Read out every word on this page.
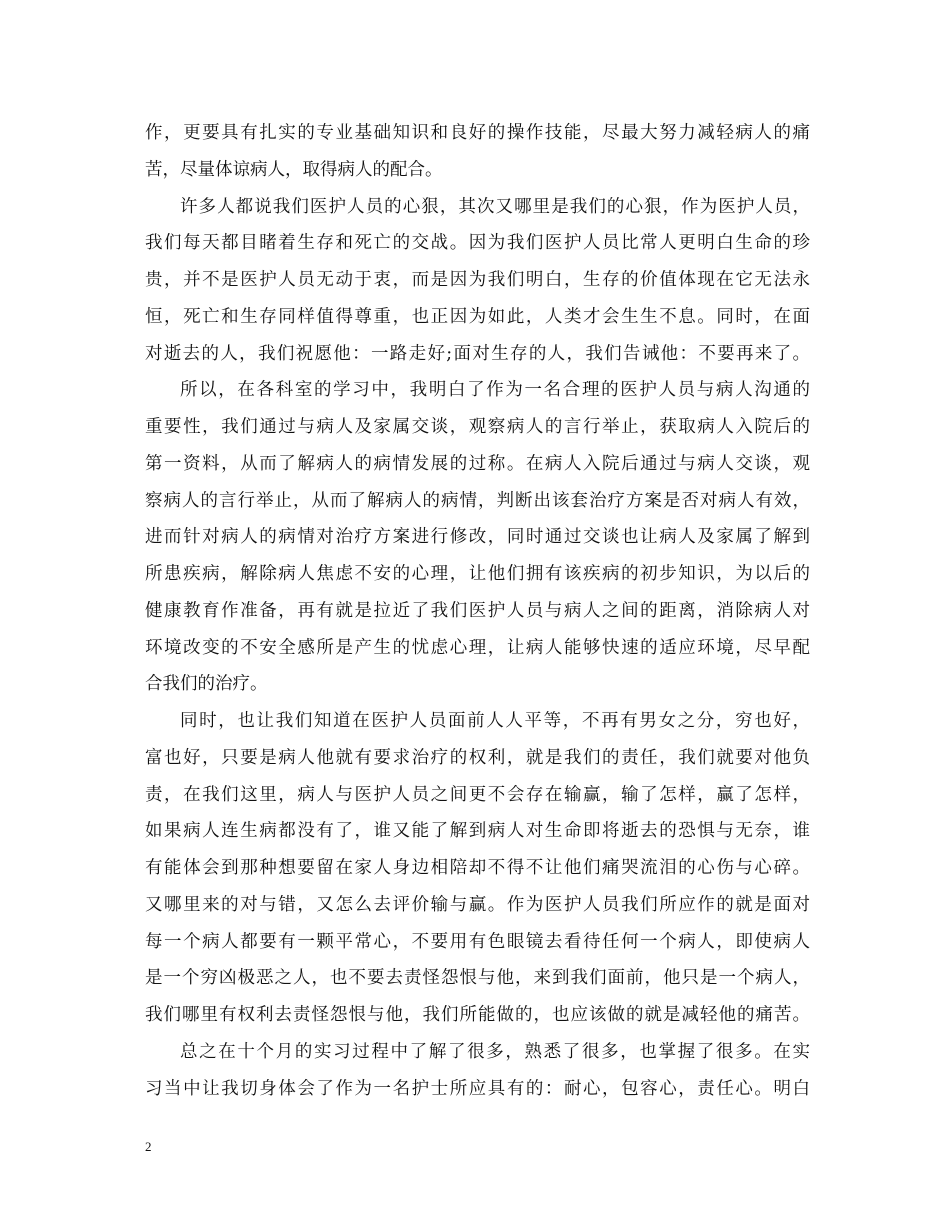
作，更要具有扎实的专业基础知识和良好的操作技能，尽最大努力减轻病人的痛
苦，尽量体谅病人，取得病人的配合。
许多人都说我们医护人员的心狠，其次又哪里是我们的心狠，作为医护人员，
我们每天都目睹着生存和死亡的交战。因为我们医护人员比常人更明白生命的珍
贵，并不是医护人员无动于衷，而是因为我们明白，生存的价值体现在它无法永
恒，死亡和生存同样值得尊重，也正因为如此，人类才会生生不息。同时，在面
对逝去的人，我们祝愿他：一路走好;面对生存的人，我们告诫他：不要再来了。
所以，在各科室的学习中，我明白了作为一名合理的医护人员与病人沟通的
重要性，我们通过与病人及家属交谈，观察病人的言行举止，获取病人入院后的
第一资料，从而了解病人的病情发展的过称。在病人入院后通过与病人交谈，观
察病人的言行举止，从而了解病人的病情，判断出该套治疗方案是否对病人有效，
进而针对病人的病情对治疗方案进行修改，同时通过交谈也让病人及家属了解到
所患疾病，解除病人焦虑不安的心理，让他们拥有该疾病的初步知识，为以后的
健康教育作准备，再有就是拉近了我们医护人员与病人之间的距离，消除病人对
环境改变的不安全感所是产生的忧虑心理，让病人能够快速的适应环境，尽早配
合我们的治疗。
同时，也让我们知道在医护人员面前人人平等，不再有男女之分，穷也好，
富也好，只要是病人他就有要求治疗的权利，就是我们的责任，我们就要对他负
责，在我们这里，病人与医护人员之间更不会存在输赢，输了怎样，赢了怎样，
如果病人连生病都没有了，谁又能了解到病人对生命即将逝去的恐惧与无奈，谁
有能体会到那种想要留在家人身边相陪却不得不让他们痛哭流泪的心伤与心碎。
又哪里来的对与错，又怎么去评价输与赢。作为医护人员我们所应作的就是面对
每一个病人都要有一颗平常心，不要用有色眼镜去看待任何一个病人，即使病人
是一个穷凶极恶之人，也不要去责怪怨恨与他，来到我们面前，他只是一个病人，
我们哪里有权利去责怪怨恨与他，我们所能做的，也应该做的就是减轻他的痛苦。
总之在十个月的实习过程中了解了很多，熟悉了很多，也掌握了很多。在实
习当中让我切身体会了作为一名护士所应具有的：耐心，包容心，责任心。明白
2
